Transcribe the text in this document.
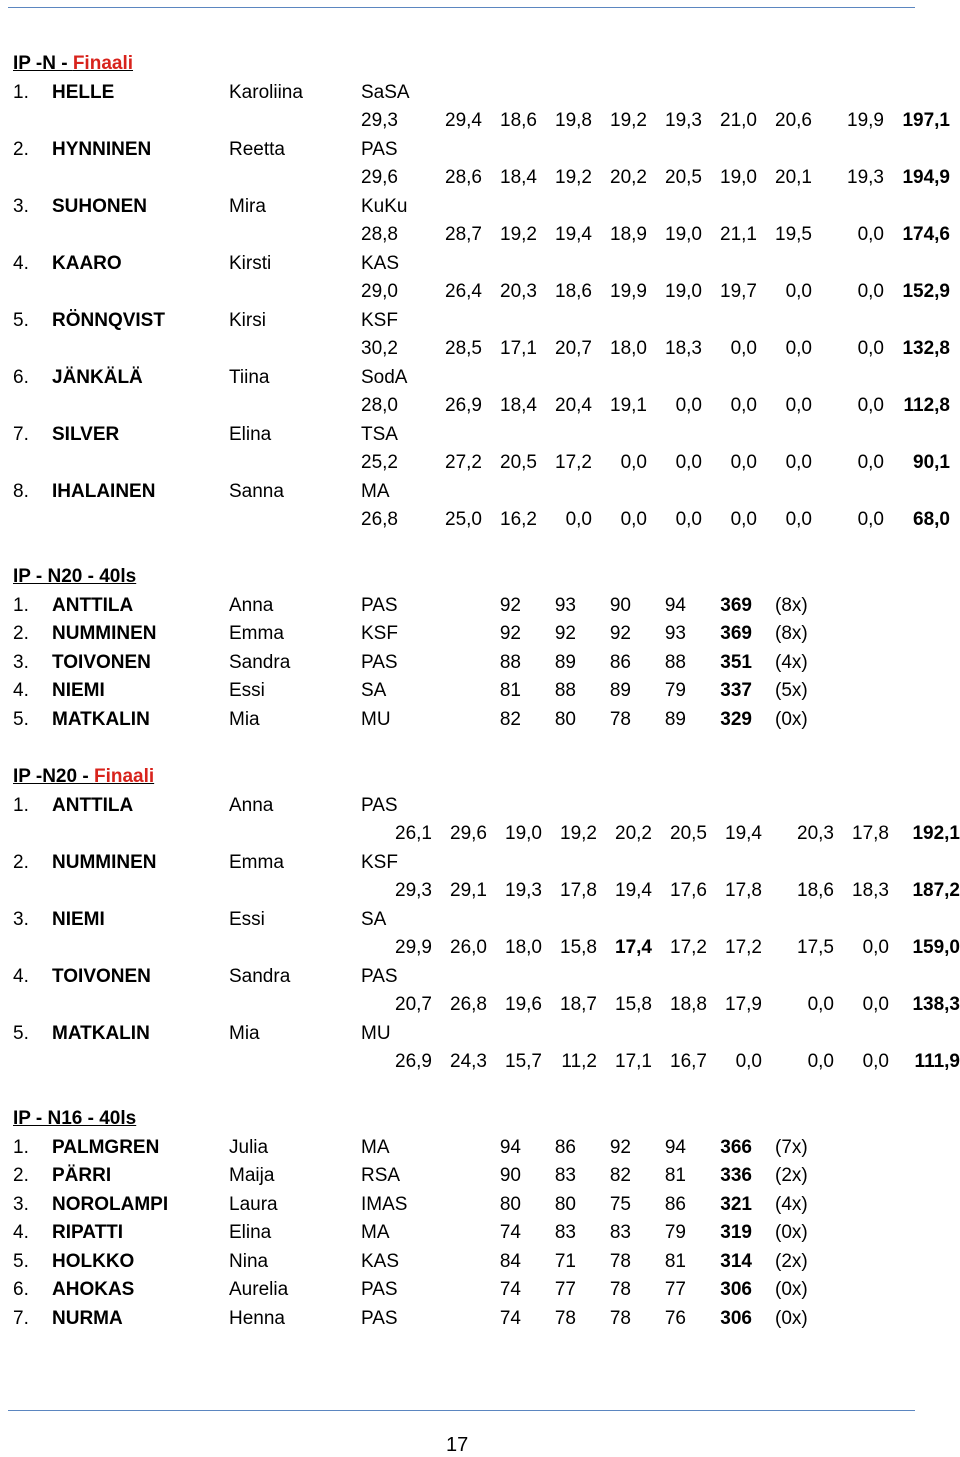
IP -N - Finaali
1. HELLE	Karoliina	SaSA
29,3 29,4 18,6 19,8 19,2 19,3 21,0 20,6 19,9 197,1
2. HYNNINEN	Reetta	PAS
29,6 28,6 18,4 19,2 20,2 20,5 19,0 20,1 19,3 194,9
3. SUHONEN	Mira	KuKu
28,8 28,7 19,2 19,4 18,9 19,0 21,1 19,5 0,0 174,6
4. KAARO	Kirsti	KAS
29,0 26,4 20,3 18,6 19,9 19,0 19,7 0,0 0,0 152,9
5. RÖNNQVIST	Kirsi	KSF
30,2 28,5 17,1 20,7 18,0 18,3 0,0 0,0 0,0 132,8
6. JÄNKÄLÄ	Tiina	SodA
28,0 26,9 18,4 20,4 19,1 0,0 0,0 0,0 0,0 112,8
7. SILVER	Elina	TSA
25,2 27,2 20,5 17,2 0,0 0,0 0,0 0,0 0,0 90,1
8. IHALAINEN	Sanna	MA
26,8 25,0 16,2 0,0 0,0 0,0 0,0 0,0 0,0 68,0
IP - N20 - 40ls
1. ANTTILA	Anna	PAS	92 93 90 94 369 (8x)
2. NUMMINEN	Emma	KSF	92 92 92 93 369 (8x)
3. TOIVONEN	Sandra	PAS	88 89 86 88 351 (4x)
4. NIEMI	Essi	SA	81 88 89 79 337 (5x)
5. MATKALIN	Mia	MU	82 80 78 89 329 (0x)
IP -N20 - Finaali
1. ANTTILA	Anna	PAS
26,1 29,6 19,0 19,2 20,2 20,5 19,4 20,3 17,8 192,1
2. NUMMINEN	Emma	KSF
29,3 29,1 19,3 17,8 19,4 17,6 17,8 18,6 18,3 187,2
3. NIEMI	Essi	SA
29,9 26,0 18,0 15,8 17,4 17,2 17,2 17,5 0,0 159,0
4. TOIVONEN	Sandra	PAS
20,7 26,8 19,6 18,7 15,8 18,8 17,9 0,0 0,0 138,3
5. MATKALIN	Mia	MU
26,9 24,3 15,7 11,2 17,1 16,7 0,0 0,0 0,0 111,9
IP - N16 - 40ls
1. PALMGREN	Julia	MA	94 86 92 94 366 (7x)
2. PÄRRI	Maija	RSA	90 83 82 81 336 (2x)
3. NOROLAMPI	Laura	IMAS	80 80 75 86 321 (4x)
4. RIPATTI	Elina	MA	74 83 83 79 319 (0x)
5. HOLKKO	Nina	KAS	84 71 78 81 314 (2x)
6. AHOKAS	Aurelia	PAS	74 77 78 77 306 (0x)
7. NURMA	Henna	PAS	74 78 78 76 306 (0x)
17
